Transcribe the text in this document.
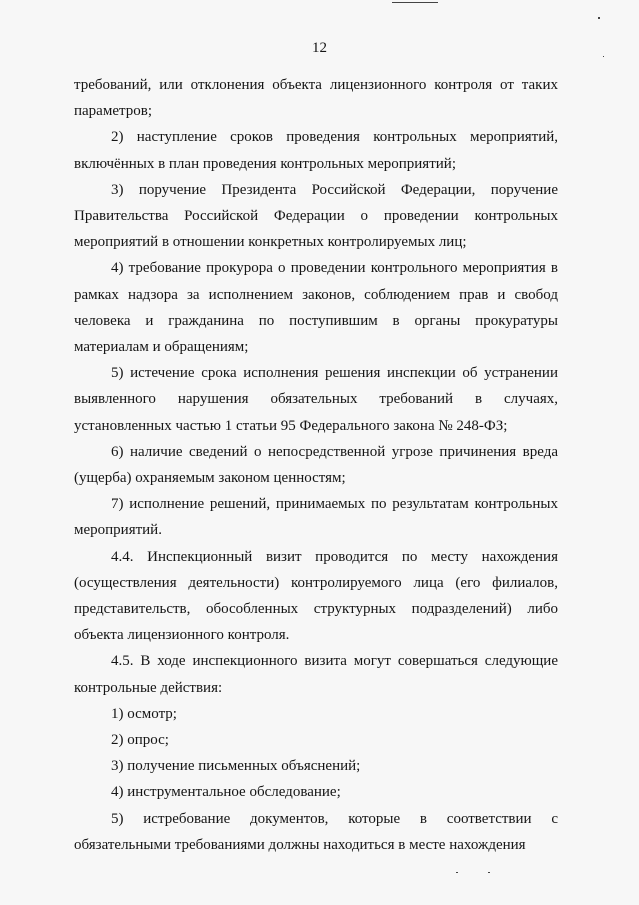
12

требований, или отклонения объекта лицензионного контроля от таких параметров;

2) наступление сроков проведения контрольных мероприятий, включённых в план проведения контрольных мероприятий;

3) поручение Президента Российской Федерации, поручение Правительства Российской Федерации о проведении контрольных мероприятий в отношении конкретных контролируемых лиц;

4) требование прокурора о проведении контрольного мероприятия в рамках надзора за исполнением законов, соблюдением прав и свобод человека и гражданина по поступившим в органы прокуратуры материалам и обращениям;

5) истечение срока исполнения решения инспекции об устранении выявленного нарушения обязательных требований в случаях, установленных частью 1 статьи 95 Федерального закона № 248-ФЗ;

6) наличие сведений о непосредственной угрозе причинения вреда (ущерба) охраняемым законом ценностям;

7) исполнение решений, принимаемых по результатам контрольных мероприятий.

4.4. Инспекционный визит проводится по месту нахождения (осуществления деятельности) контролируемого лица (его филиалов, представительств, обособленных структурных подразделений) либо объекта лицензионного контроля.

4.5. В ходе инспекционного визита могут совершаться следующие контрольные действия:

1) осмотр;

2) опрос;

3) получение письменных объяснений;

4) инструментальное обследование;

5) истребование документов, которые в соответствии с обязательными требованиями должны находиться в месте нахождения
